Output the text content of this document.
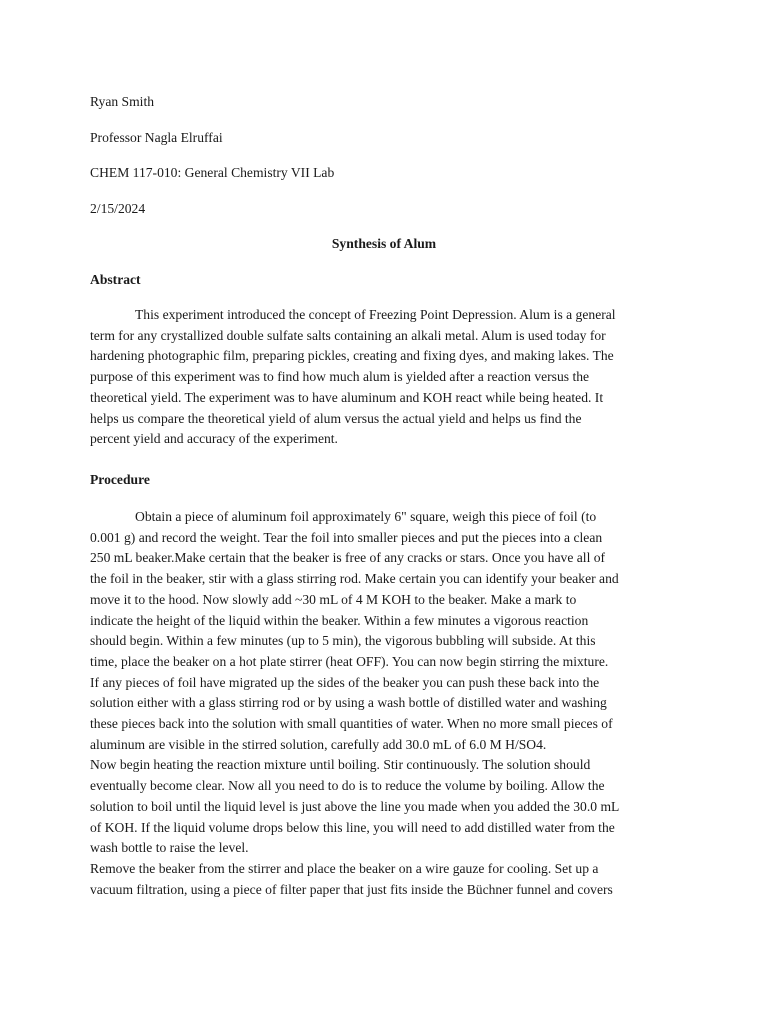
Ryan Smith
Professor Nagla Elruffai
CHEM 117-010: General Chemistry VII Lab
2/15/2024
Synthesis of Alum
Abstract
This experiment introduced the concept of Freezing Point Depression. Alum is a general
term for any crystallized double sulfate salts containing an alkali metal. Alum is used today for
hardening photographic film, preparing pickles, creating and fixing dyes, and making lakes. The
purpose of this experiment was to find how much alum is yielded after a reaction versus the
theoretical yield. The experiment was to have aluminum and KOH react while being heated. It
helps us compare the theoretical yield of alum versus the actual yield and helps us find the
percent yield and accuracy of the experiment.
Procedure
Obtain a piece of aluminum foil approximately 6" square, weigh this piece of foil (to
0.001 g) and record the weight. Tear the foil into smaller pieces and put the pieces into a clean
250 mL beaker.Make certain that the beaker is free of any cracks or stars. Once you have all of
the foil in the beaker, stir with a glass stirring rod. Make certain you can identify your beaker and
move it to the hood. Now slowly add ~30 mL of 4 M KOH to the beaker. Make a mark to
indicate the height of the liquid within the beaker. Within a few minutes a vigorous reaction
should begin. Within a few minutes (up to 5 min), the vigorous bubbling will subside. At this
time, place the beaker on a hot plate stirrer (heat OFF). You can now begin stirring the mixture.
If any pieces of foil have migrated up the sides of the beaker you can push these back into the
solution either with a glass stirring rod or by using a wash bottle of distilled water and washing
these pieces back into the solution with small quantities of water. When no more small pieces of
aluminum are visible in the stirred solution, carefully add 30.0 mL of 6.0 M H/SO4.
Now begin heating the reaction mixture until boiling. Stir continuously. The solution should
eventually become clear. Now all you need to do is to reduce the volume by boiling. Allow the
solution to boil until the liquid level is just above the line you made when you added the 30.0 mL
of KOH. If the liquid volume drops below this line, you will need to add distilled water from the
wash bottle to raise the level.
Remove the beaker from the stirrer and place the beaker on a wire gauze for cooling. Set up a
vacuum filtration, using a piece of filter paper that just fits inside the Büchner funnel and covers
